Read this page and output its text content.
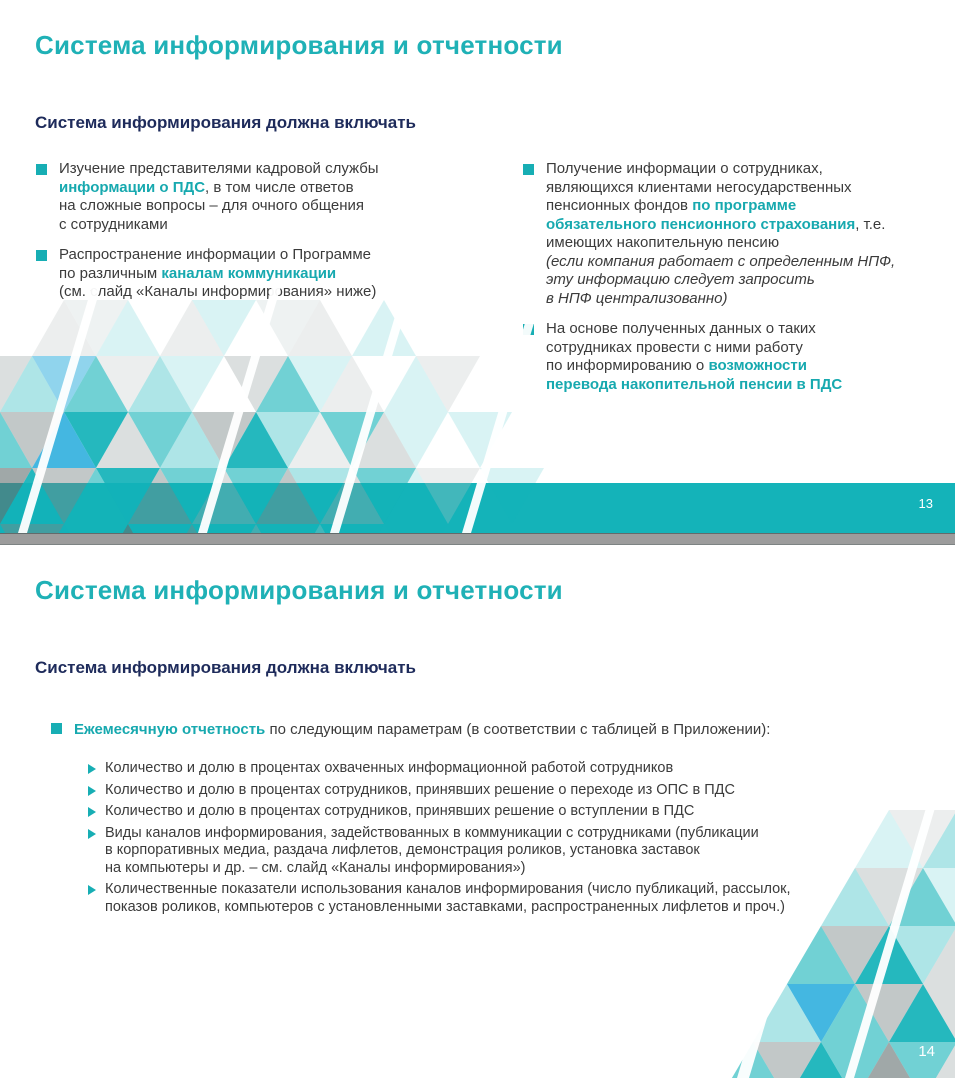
Система информирования и отчетности
Система информирования должна включать
Изучение представителями кадровой службы
информации о ПДС, в том числе ответов
на сложные вопросы – для очного общения
с сотрудниками
Распространение информации о Программе
по различным каналам коммуникации
(см. слайд «Каналы информирования» ниже)
Получение информации о сотрудниках,
являющихся клиентами негосударственных
пенсионных фондов по программе
обязательного пенсионного страхования, т.е.
имеющих накопительную пенсию
(если компания работает с определенным НПФ,
эту информацию следует запросить
в НПФ централизованно)
На основе полученных данных о таких
сотрудниках провести с ними работу
по информированию о возможности
перевода накопительной пенсии в ПДС
13
Система информирования и отчетности
Система информирования должна включать
Ежемесячную отчетность по следующим параметрам (в соответствии с таблицей в Приложении):
Количество и долю в процентах охваченных информационной работой сотрудников
Количество и долю в процентах сотрудников, принявших решение о переходе из ОПС в ПДС
Количество и долю в процентах сотрудников, принявших решение о вступлении в ПДС
Виды каналов информирования, задействованных в коммуникации с сотрудниками (публикации
в корпоративных медиа, раздача лифлетов, демонстрация роликов, установка заставок
на компьютеры и др. – см. слайд «Каналы информирования»)
Количественные показатели использования каналов информирования (число публикаций, рассылок,
показов роликов, компьютеров с установленными заставками, распространенных лифлетов и проч.)
14
